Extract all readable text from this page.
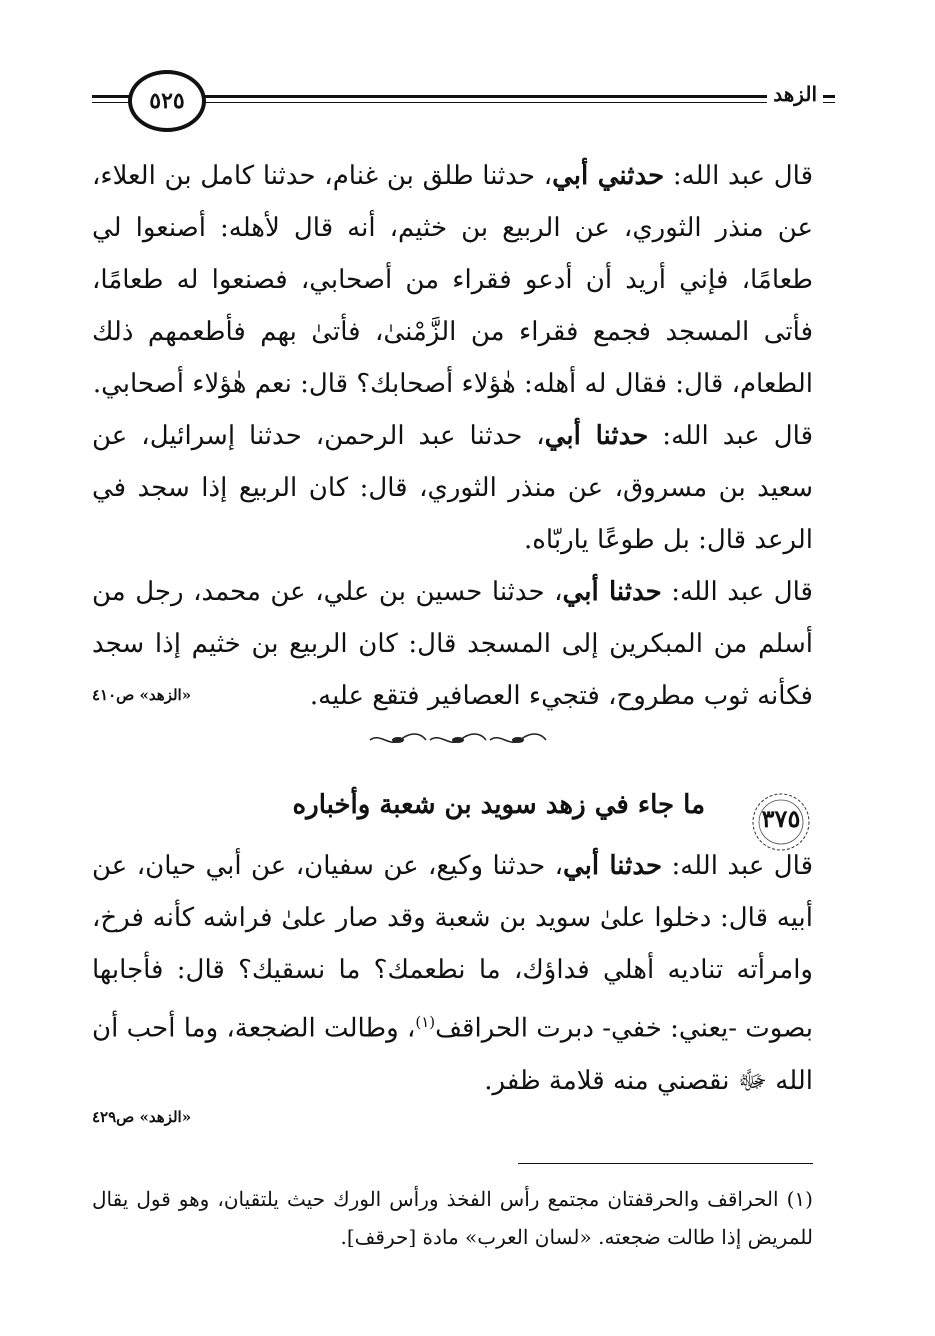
الزهد
٥٢٥

قال عبد الله: حدثني أبي، حدثنا طلق بن غنام، حدثنا كامل بن العلاء، عن منذر الثوري، عن الربيع بن خثيم، أنه قال لأهله: أصنعوا لي طعامًا، فإني أريد أن أدعو فقراء من أصحابي، فصنعوا له طعامًا، فأتى المسجد فجمع فقراء من الزَّمْنىٰ، فأتىٰ بهم فأطعمهم ذلك الطعام، قال: فقال له أهله: هٰؤلاء أصحابك؟ قال: نعم هٰؤلاء أصحابي.

قال عبد الله: حدثنا أبي، حدثنا عبد الرحمن، حدثنا إسرائيل، عن سعيد بن مسروق، عن منذر الثوري، قال: كان الربيع إذا سجد في الرعد قال: بل طوعًا ياربّاه.

قال عبد الله: حدثنا أبي، حدثنا حسين بن علي، عن محمد، رجل من أسلم من المبكرين إلى المسجد قال: كان الربيع بن خثيم إذا سجد فكأنه ثوب مطروح، فتجيء العصافير فتقع عليه.

«الزهد» ص٤١٠
٣٧٥
ما جاء في زهد سويد بن شعبة وأخباره

قال عبد الله: حدثنا أبي، حدثنا وكيع، عن سفيان، عن أبي حيان، عن أبيه قال: دخلوا علىٰ سويد بن شعبة وقد صار علىٰ فراشه كأنه فرخ، وامرأته تناديه أهلي فداؤك، ما نطعمك؟ ما نسقيك؟ قال: فأجابها بصوت -يعني: خفي- دبرت الحراقف$^{(١)}$، وطالت الضجعة، وما أحب أن الله ﷻ نقصني منه قلامة ظفر.

«الزهد» ص٤٢٩

(١) الحراقف والحرقفتان مجتمع رأس الفخذ ورأس الورك حيث يلتقيان، وهو قول يقال للمريض إذا طالت ضجعته. «لسان العرب» مادة [حرقف].
